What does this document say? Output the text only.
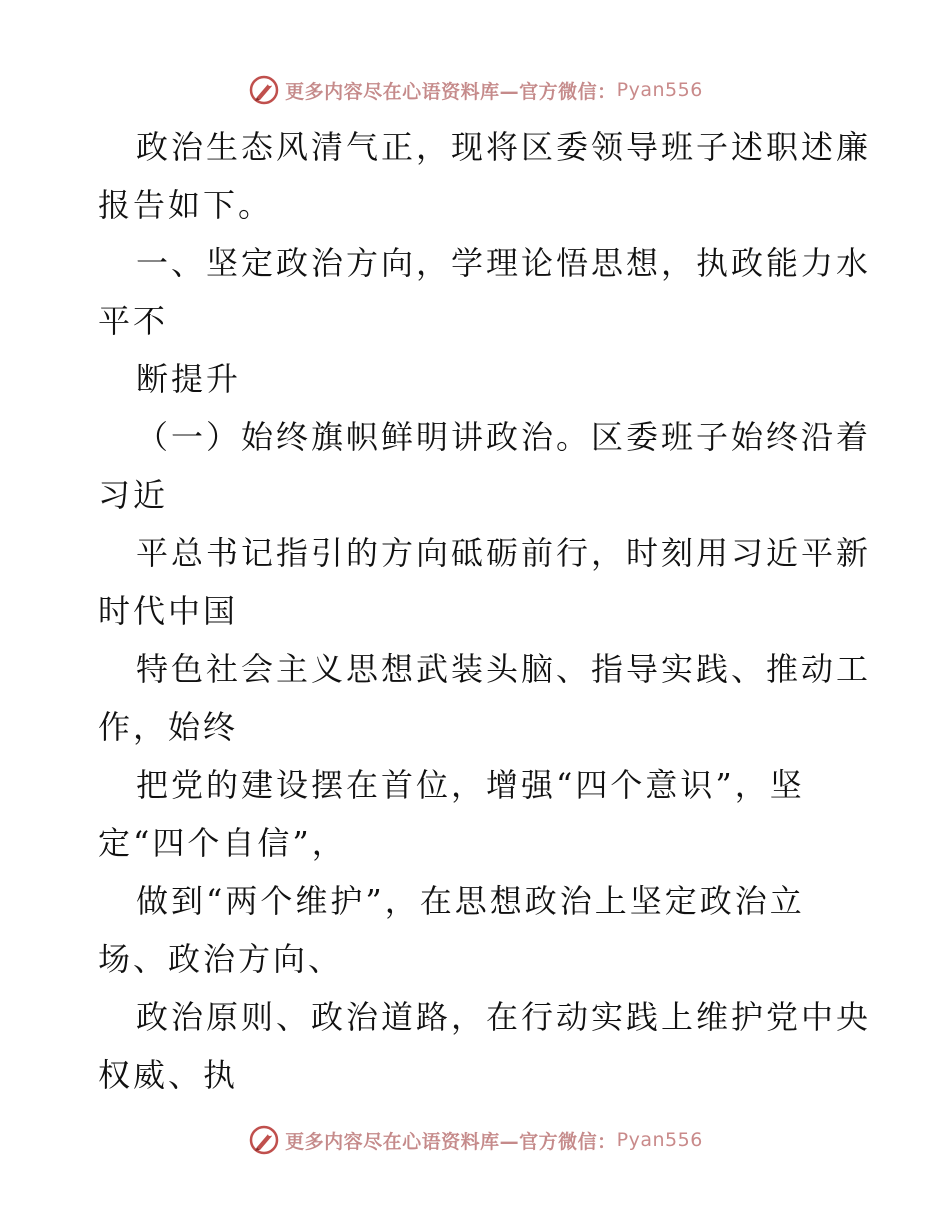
更多内容尽在心语资料库—官方微信： Pyan556
政治生态风清气正，现将区委领导班子述职述廉
报告如下。
一、坚定政治方向，学理论悟思想，执政能力水
平不
断提升
（一）始终旗帜鲜明讲政治。区委班子始终沿着
习近
平总书记指引的方向砥砺前行，时刻用习近平新
时代中国
特色社会主义思想武装头脑、指导实践、推动工
作，始终
把党的建设摆在首位，增强“四个意识”，坚
定“四个自信”，
做到“两个维护”，在思想政治上坚定政治立
场、政治方向、
政治原则、政治道路，在行动实践上维护党中央
权威、执
更多内容尽在心语资料库—官方微信： Pyan556
